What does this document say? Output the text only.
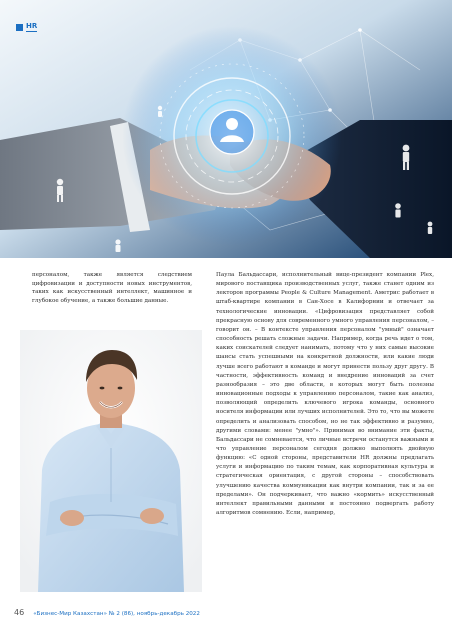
HR

персоналом, также является следствием цифровизации и доступности новых инструментов, таких как искусственный интеллект, машинное и глубокое обучение, а также большие данные.

Паула Бальдассари, исполнительный вице-президент компании Plex, мирового поставщика производственных услуг, также станет одним из лекторов программы People & Culture Management. Аметрис работает в штаб-квартире компании в Сан-Хосе в Калифорнии и отвечает за технологические инновации. «Цифровизация представляет собой прекрасную основу для современного умного управления персоналом, – говорит он. – В контексте управления персоналом "умный" означает способность решать сложные задачи. Например, когда речь идет о том, каких соискателей следует нанимать, потому что у них самые высокие шансы стать успешными на конкретной должности, или какие люди лучше всего работают в команде и могут принести пользу друг другу. В частности, эффективность команд и внедрение инноваций за счет разнообразия – это две области, в которых могут быть полезны инновационные подходы к управлению персоналом, такие как анализ, позволяющий определить ключевого игрока команды, основного носителя информации или лучших исполнителей. Это то, что вы можете определить и анализовать способом, но не так эффективно и разумно, другими словами: менее "умно"». Принимая во внимание эти факты, Бальдассари не сомневается, что личные встречи останутся важными и что управление персоналом сегодня должно выполнять двойную функцию: «С одной стороны, представители HR должны предлагать услуги и информацию по таким темам, как корпоративная культура и стратегическая ориентация, с другой стороны – способствовать улучшению качества коммуникации как внутри компании, так и за ее пределами». Он подчеркивает, что важно «кормить» искусственный интеллект правильными данными и постоянно подвергать работу алгоритмов сомнению. Если, например,

46 «Бизнес-Мир Казахстан» № 2 (86), ноябрь-декабрь 2022
